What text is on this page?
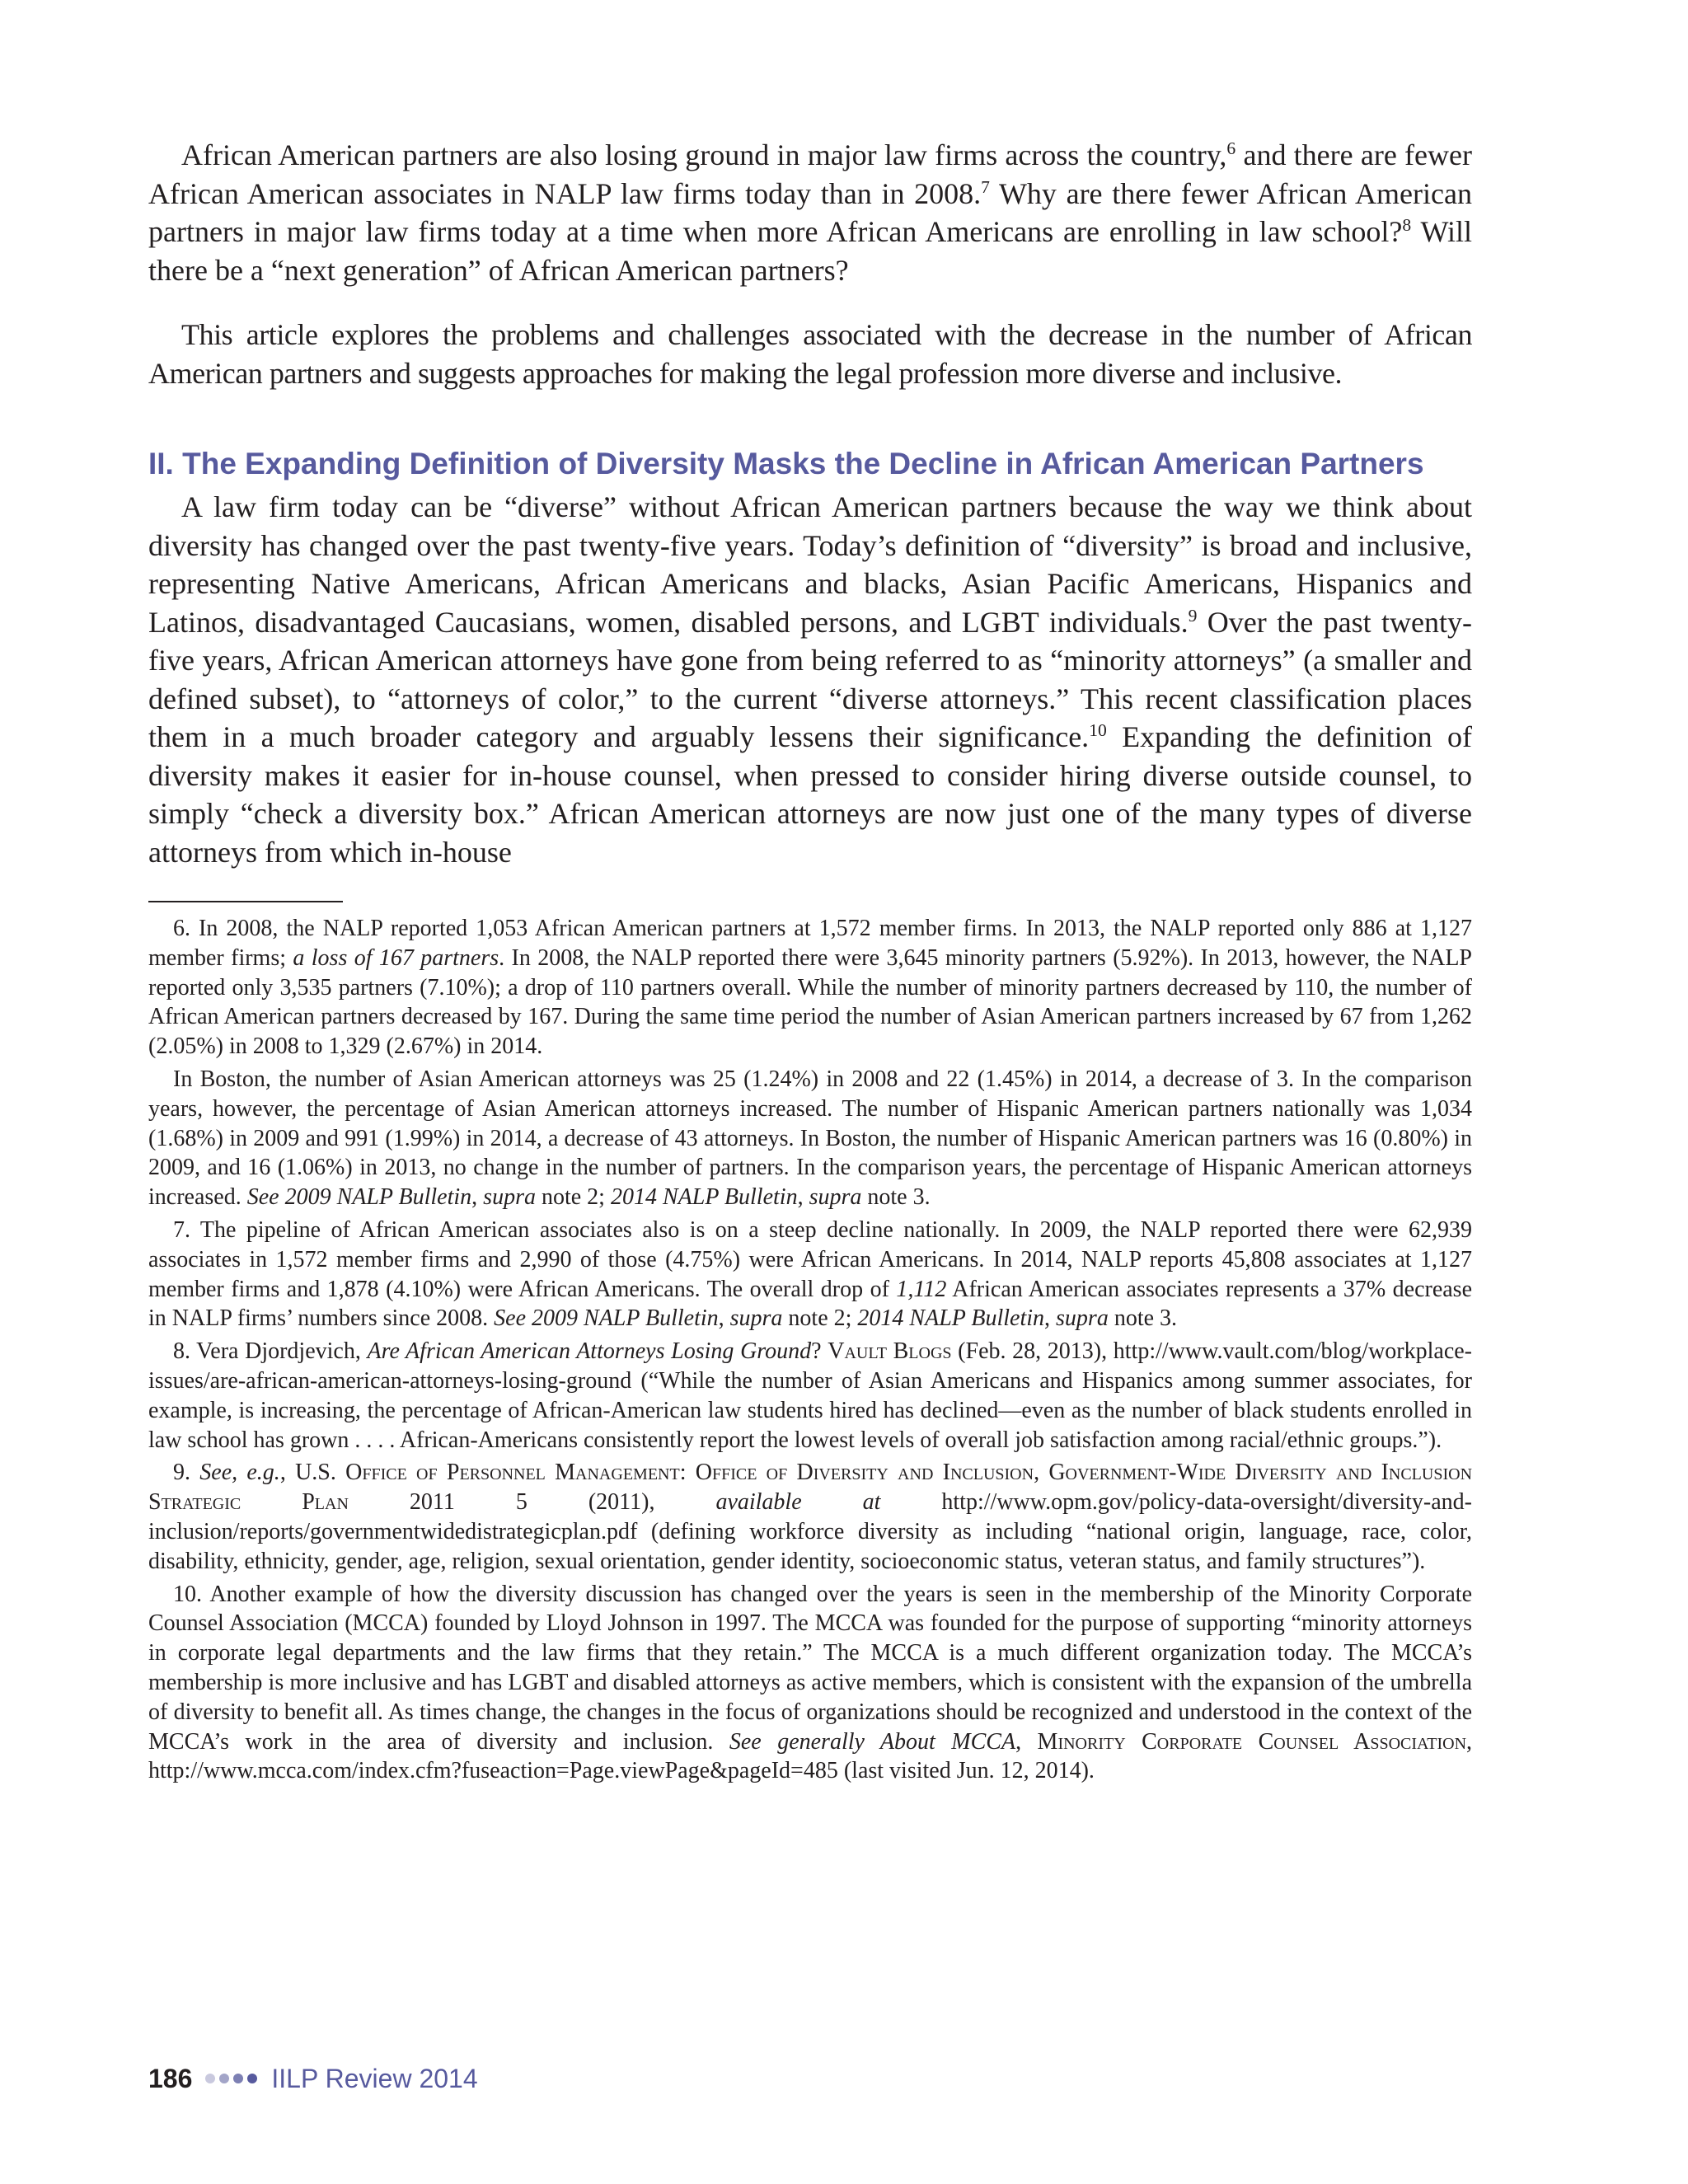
African American partners are also losing ground in major law firms across the country,$^6$ and there are fewer African American associates in NALP law firms today than in 2008.$^7$ Why are there fewer African American partners in major law firms today at a time when more African Americans are enrolling in law school?$^8$ Will there be a “next generation” of African American partners?

This article explores the problems and challenges associated with the decrease in the number of African American partners and suggests approaches for making the legal profession more diverse and inclusive.

II. The Expanding Definition of Diversity Masks the Decline in African American Partners

A law firm today can be “diverse” without African American partners because the way we think about diversity has changed over the past twenty-five years. Today’s definition of “diversity” is broad and inclusive, representing Native Americans, African Americans and blacks, Asian Pacific Americans, Hispanics and Latinos, disadvantaged Caucasians, women, disabled persons, and LGBT individuals.$^9$ Over the past twenty-five years, African American attorneys have gone from being referred to as “minority attorneys” (a smaller and defined subset), to “attorneys of color,” to the current “diverse attorneys.” This recent classification places them in a much broader category and arguably lessens their significance.$^{10}$ Expanding the definition of diversity makes it easier for in-house counsel, when pressed to consider hiring diverse outside counsel, to simply “check a diversity box.” African American attorneys are now just one of the many types of diverse attorneys from which in-house

6. In 2008, the NALP reported 1,053 African American partners at 1,572 member firms. In 2013, the NALP reported only 886 at 1,127 member firms; a loss of 167 partners. In 2008, the NALP reported there were 3,645 minority partners (5.92%). In 2013, however, the NALP reported only 3,535 partners (7.10%); a drop of 110 partners overall. While the number of minority partners decreased by 110, the number of African American partners decreased by 167. During the same time period the number of Asian American partners increased by 67 from 1,262 (2.05%) in 2008 to 1,329 (2.67%) in 2014.

In Boston, the number of Asian American attorneys was 25 (1.24%) in 2008 and 22 (1.45%) in 2014, a decrease of 3. In the comparison years, however, the percentage of Asian American attorneys increased. The number of Hispanic American partners nationally was 1,034 (1.68%) in 2009 and 991 (1.99%) in 2014, a decrease of 43 attorneys. In Boston, the number of Hispanic American partners was 16 (0.80%) in 2009, and 16 (1.06%) in 2013, no change in the number of partners. In the comparison years, the percentage of Hispanic American attorneys increased. See 2009 NALP Bulletin, supra note 2; 2014 NALP Bulletin, supra note 3.

7. The pipeline of African American associates also is on a steep decline nationally. In 2009, the NALP reported there were 62,939 associates in 1,572 member firms and 2,990 of those (4.75%) were African Americans. In 2014, NALP reports 45,808 associates at 1,127 member firms and 1,878 (4.10%) were African Americans. The overall drop of 1,112 African American associates represents a 37% decrease in NALP firms’ numbers since 2008. See 2009 NALP Bulletin, supra note 2; 2014 NALP Bulletin, supra note 3.

8. Vera Djordjevich, Are African American Attorneys Losing Ground? Vault Blogs (Feb. 28, 2013), http://www.vault.com/blog/workplace-issues/are-african-american-attorneys-losing-ground (“While the number of Asian Americans and Hispanics among summer associates, for example, is increasing, the percentage of African-American law students hired has declined—even as the number of black students enrolled in law school has grown . . . . African-Americans consistently report the lowest levels of overall job satisfaction among racial/ethnic groups.”).

9. See, e.g., U.S. Office of Personnel Management: Office of Diversity and Inclusion, Government-Wide Diversity and Inclusion Strategic Plan 2011 5 (2011), available at http://www.opm.gov/policy-data-oversight/diversity-and-inclusion/reports/governmentwidedistrategicplan.pdf (defining workforce diversity as including “national origin, language, race, color, disability, ethnicity, gender, age, religion, sexual orientation, gender identity, socioeconomic status, veteran status, and family structures”).

10. Another example of how the diversity discussion has changed over the years is seen in the membership of the Minority Corporate Counsel Association (MCCA) founded by Lloyd Johnson in 1997. The MCCA was founded for the purpose of supporting “minority attorneys in corporate legal departments and the law firms that they retain.” The MCCA is a much different organization today. The MCCA’s membership is more inclusive and has LGBT and disabled attorneys as active members, which is consistent with the expansion of the umbrella of diversity to benefit all. As times change, the changes in the focus of organizations should be recognized and understood in the context of the MCCA’s work in the area of diversity and inclusion. See generally About MCCA, Minority Corporate Counsel Association, http://www.mcca.com/index.cfm?fuseaction=Page.viewPage&pageId=485 (last visited Jun. 12, 2014).

186	IILP Review 2014
